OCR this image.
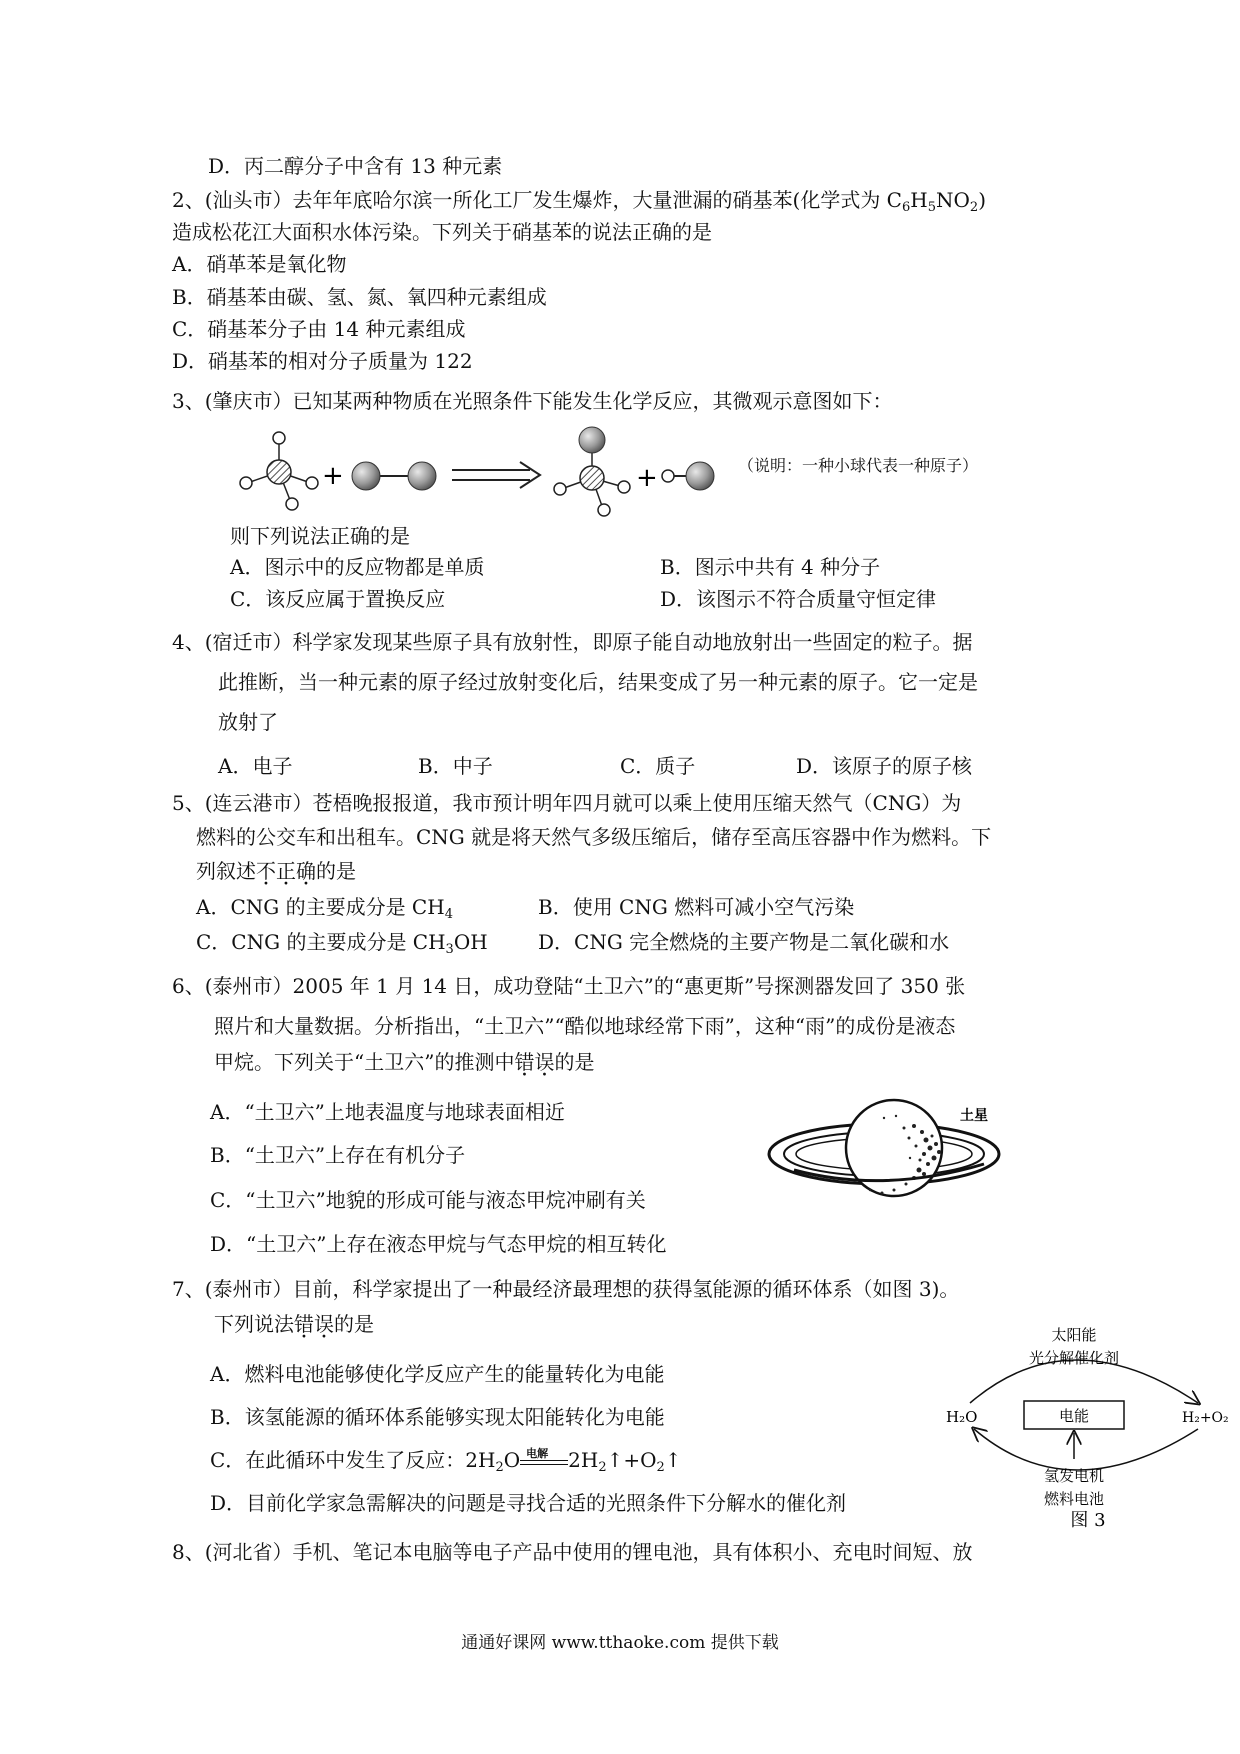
D．丙二醇分子中含有 13 种元素
2、(汕头市）去年年底哈尔滨一所化工厂发生爆炸，大量泄漏的硝基苯(化学式为 $C_6H_5NO_2$)
造成松花江大面积水体污染。下列关于硝基苯的说法正确的是
A．硝革苯是氧化物
B．硝基苯由碳、氢、氮、氧四种元素组成
C．硝基苯分子由 14 种元素组成
D．硝基苯的相对分子质量为 122
3、(肇庆市）已知某两种物质在光照条件下能发生化学反应，其微观示意图如下：
+	+	（说明：一种小球代表一种原子）
则下列说法正确的是
A．图示中的反应物都是单质	B．图示中共有 4 种分子
C．该反应属于置换反应	D．该图示不符合质量守恒定律
4、(宿迁市）科学家发现某些原子具有放射性，即原子能自动地放射出一些固定的粒子。据
此推断，当一种元素的原子经过放射变化后，结果变成了另一种元素的原子。它一定是
放射了
A．电子	B．中子	C．质子	D．该原子的原子核
5、(连云港市）苍梧晚报报道，我市预计明年四月就可以乘上使用压缩天然气（CNG）为
燃料的公交车和出租车。CNG 就是将天然气多级压缩后，储存至高压容器中作为燃料。下
列叙述不正确的是
A．CNG 的主要成分是 $CH_4$	B．使用 CNG 燃料可减小空气污染
C．CNG 的主要成分是 $CH_3OH$	D．CNG 完全燃烧的主要产物是二氧化碳和水
6、(泰州市）2005 年 1 月 14 日，成功登陆“土卫六”的“惠更斯”号探测器发回了 350 张
照片和大量数据。分析指出，“土卫六”“酷似地球经常下雨”，这种“雨”的成份是液态
甲烷。下列关于“土卫六”的推测中错误的是
A．“土卫六”上地表温度与地球表面相近
B．“土卫六”上存在有机分子
C．“土卫六”地貌的形成可能与液态甲烷冲刷有关
D．“土卫六”上存在液态甲烷与气态甲烷的相互转化
土星
7、(泰州市）目前，科学家提出了一种最经济最理想的获得氢能源的循环体系（如图 3)。
下列说法错误的是
A．燃料电池能够使化学反应产生的能量转化为电能
B．该氢能源的循环体系能够实现太阳能转化为电能
C．在此循环中发生了反应：$2H_2O$ 电解 $2H_2↑+O_2↑$
D．目前化学家急需解决的问题是寻找合适的光照条件下分解水的催化剂
太阳能
光分解催化剂
H₂O	电能	H₂+O₂
氢发电机
燃料电池
图 3
8、(河北省）手机、笔记本电脑等电子产品中使用的锂电池，具有体积小、充电时间短、放
通通好课网 www.tthaoke.com 提供下载
